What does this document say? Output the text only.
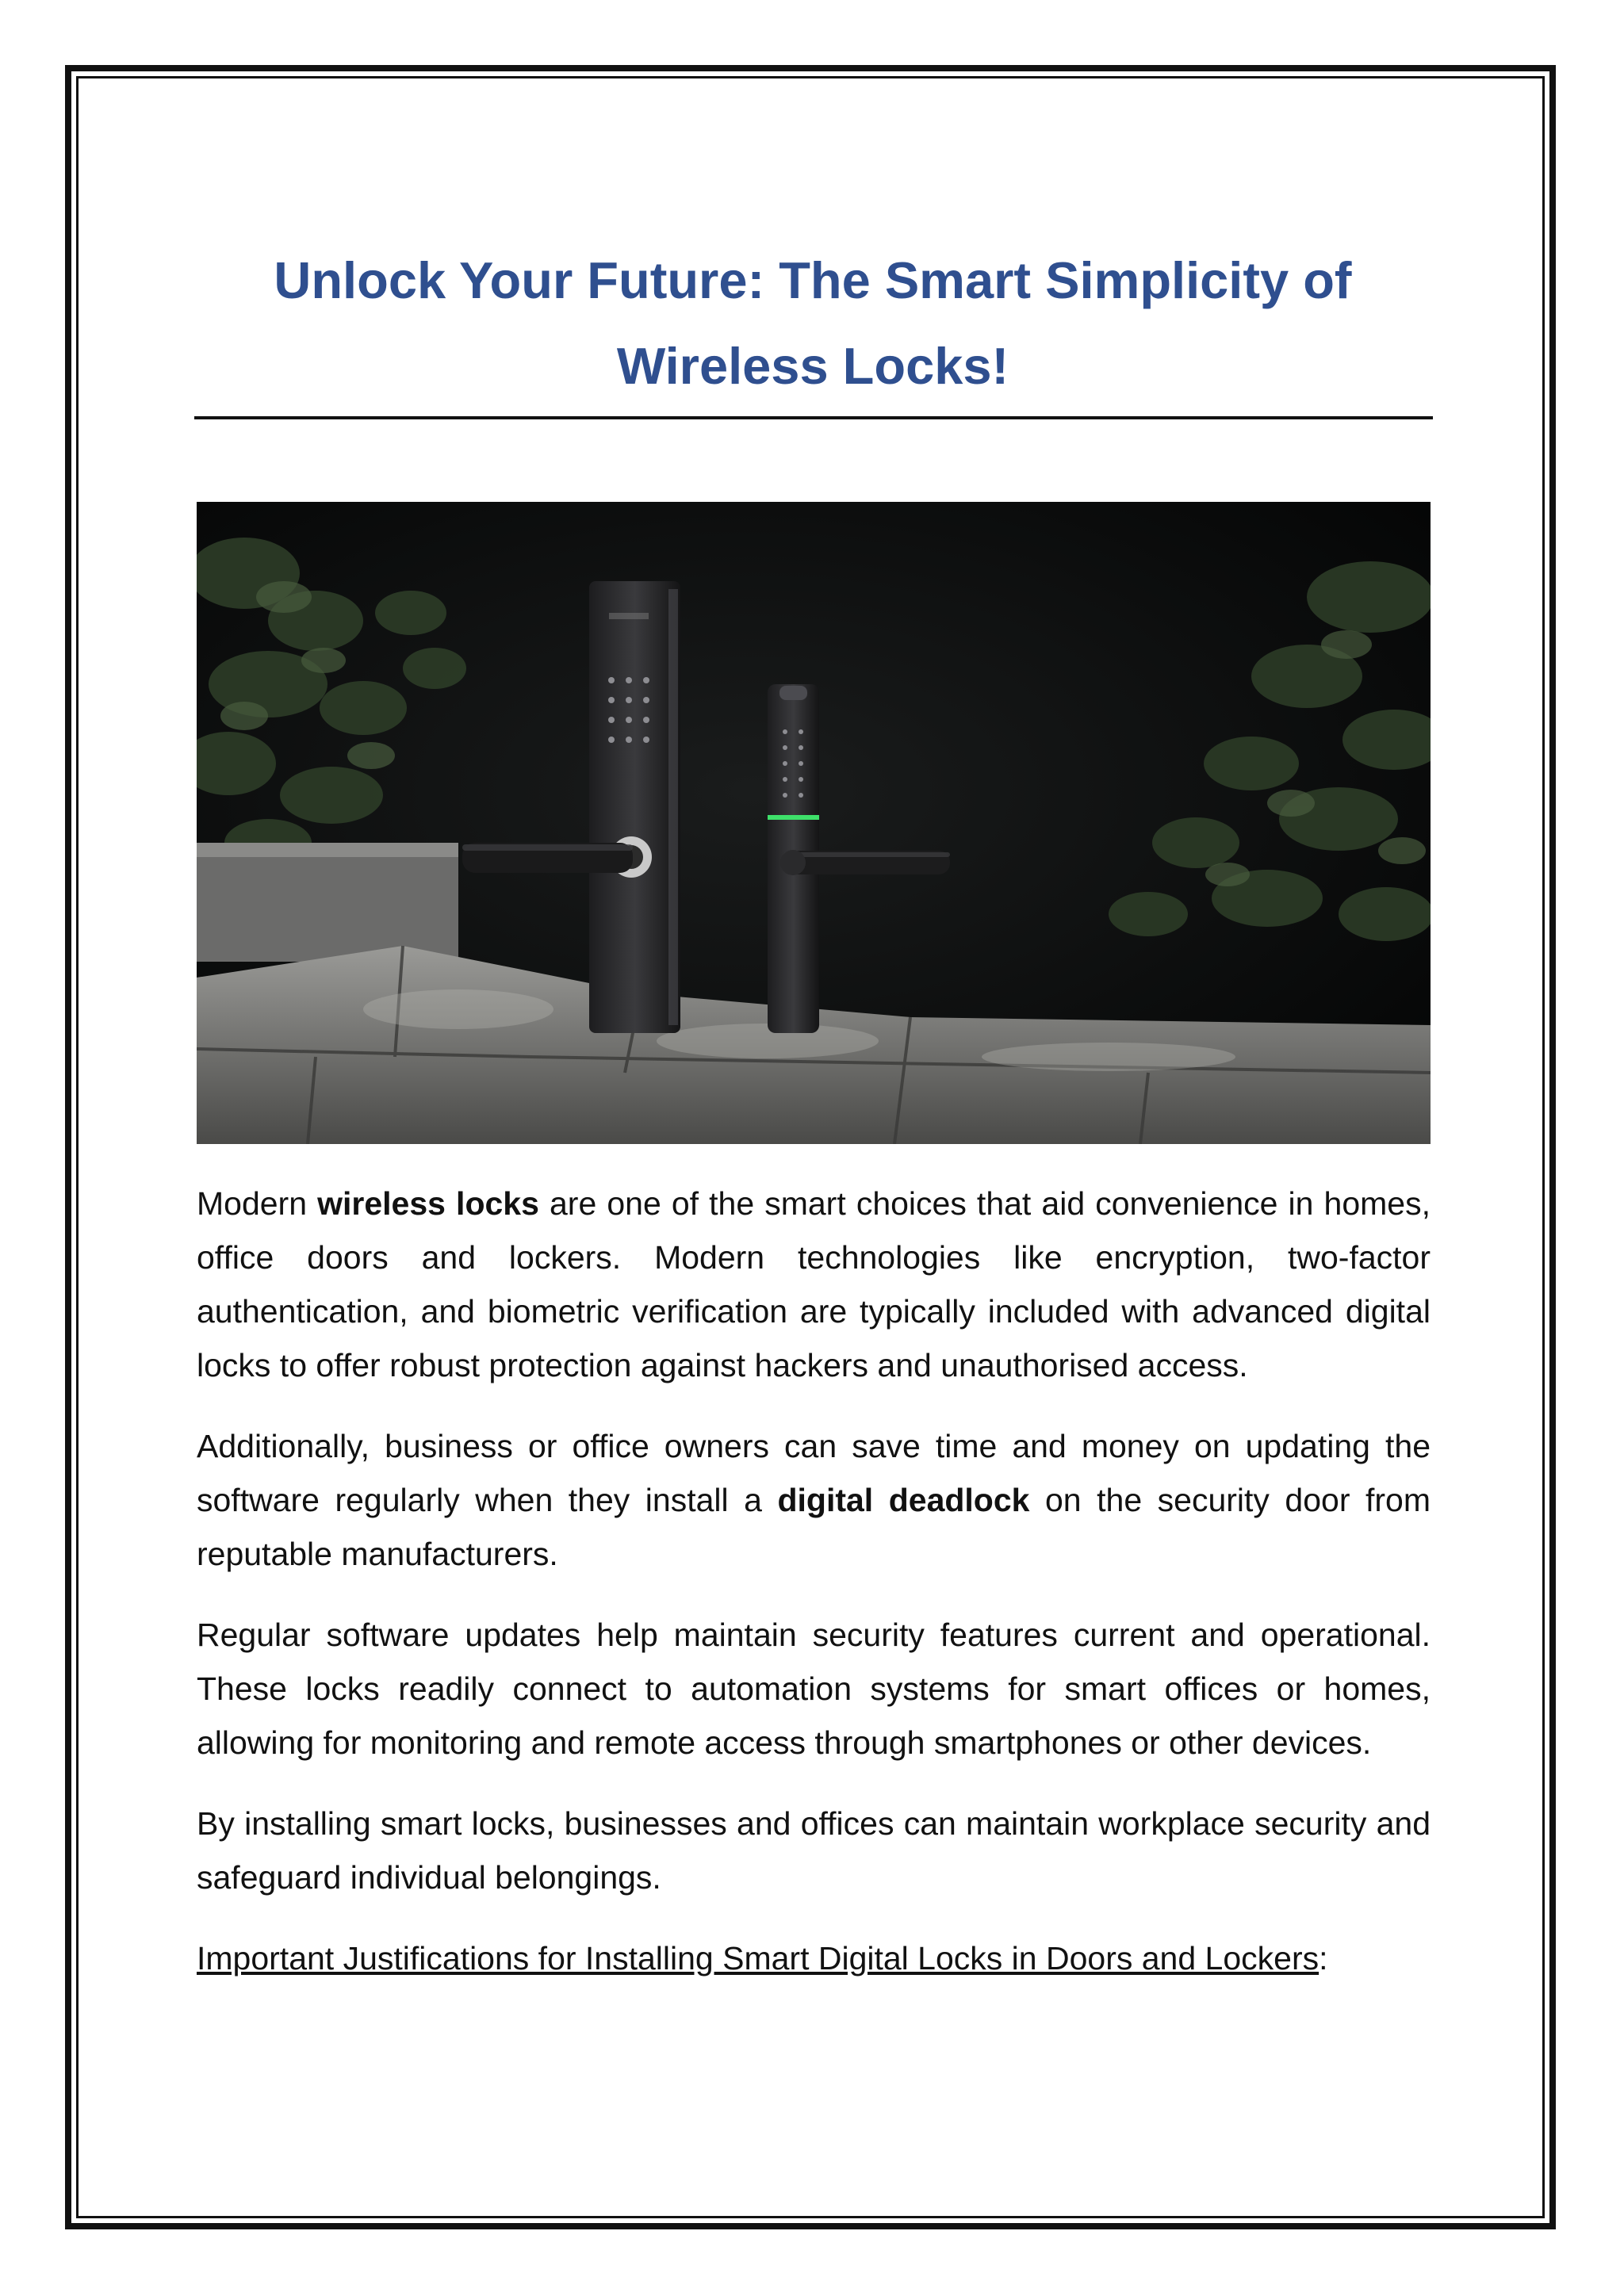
Unlock Your Future: The Smart Simplicity of Wireless Locks!

Modern wireless locks are one of the smart choices that aid convenience in homes, office doors and lockers. Modern technologies like encryption, two-factor authentication, and biometric verification are typically included with advanced digital locks to offer robust protection against hackers and unauthorised access.

Additionally, business or office owners can save time and money on updating the software regularly when they install a digital deadlock on the security door from reputable manufacturers.

Regular software updates help maintain security features current and operational. These locks readily connect to automation systems for smart offices or homes, allowing for monitoring and remote access through smartphones or other devices.

By installing smart locks, businesses and offices can maintain workplace security and safeguard individual belongings.

Important Justifications for Installing Smart Digital Locks in Doors and Lockers:
